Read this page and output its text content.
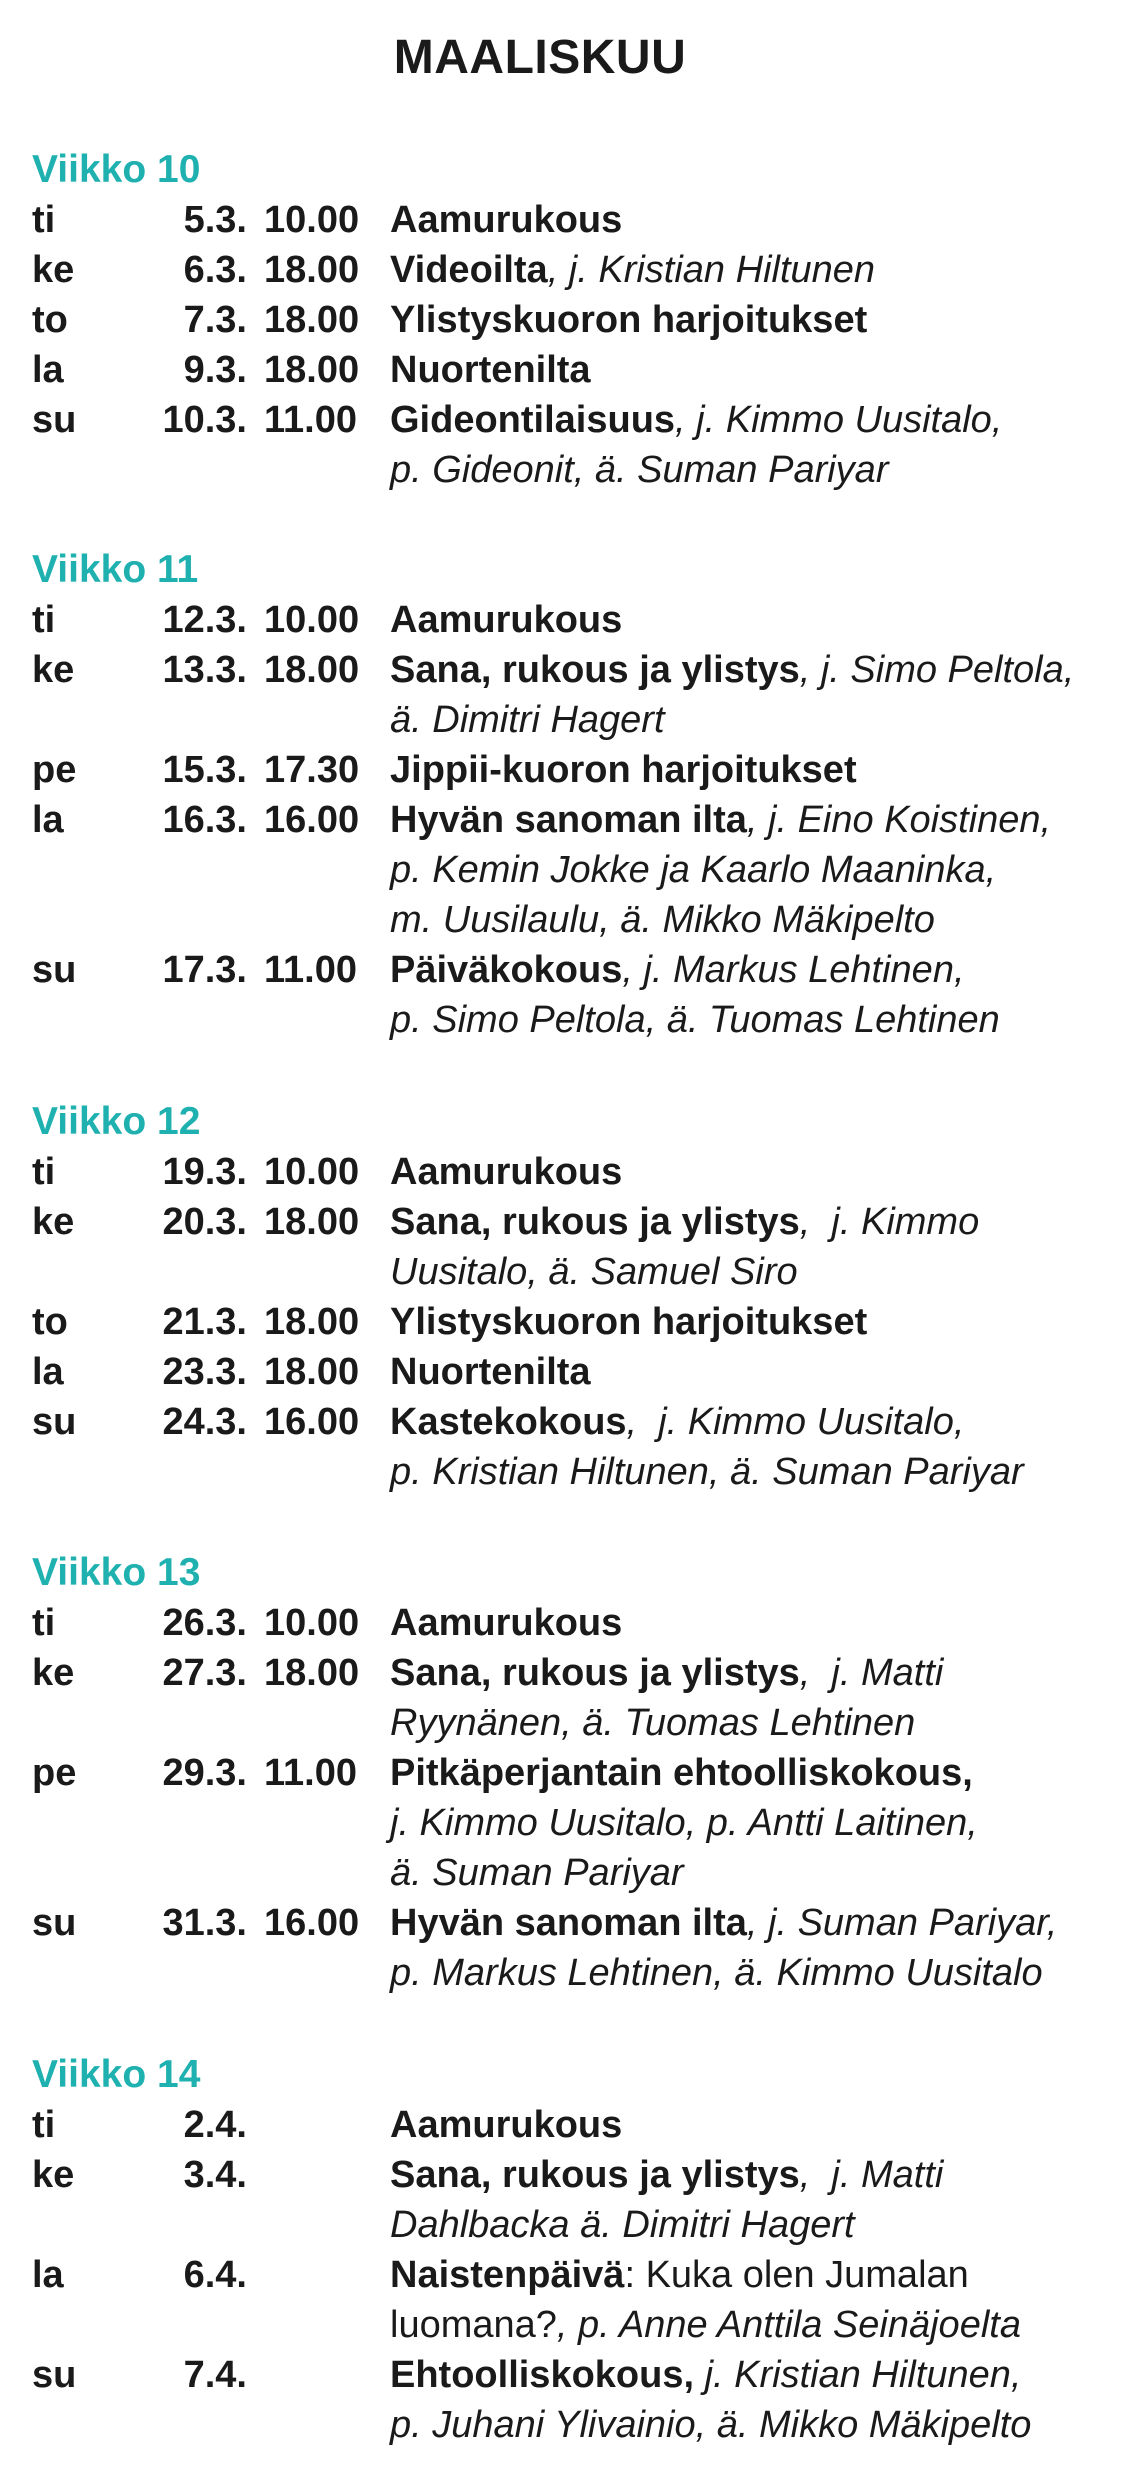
MAALISKUU
Viikko 10
ti	5.3. 10.00 Aamurukous
ke	6.3. 18.00 Videoilta, j. Kristian Hiltunen
to	7.3. 18.00 Ylistyskuoron harjoitukset
la	9.3. 18.00 Nuortenilta
su	10.3. 11.00 Gideontilaisuus, j. Kimmo Uusitalo,
p. Gideonit, ä. Suman Pariyar
Viikko 11
ti	12.3. 10.00 Aamurukous
ke	13.3. 18.00 Sana, rukous ja ylistys, j. Simo Peltola,
ä. Dimitri Hagert
pe	15.3. 17.30 Jippii-kuoron harjoitukset
la	16.3. 16.00 Hyvän sanoman ilta, j. Eino Koistinen,
p. Kemin Jokke ja Kaarlo Maaninka,
m. Uusilaulu, ä. Mikko Mäkipelto
su	17.3. 11.00 Päiväkokous, j. Markus Lehtinen,
p. Simo Peltola, ä. Tuomas Lehtinen
Viikko 12
ti	19.3. 10.00 Aamurukous
ke	20.3. 18.00 Sana, rukous ja ylistys,  j. Kimmo
Uusitalo, ä. Samuel Siro
to	21.3. 18.00 Ylistyskuoron harjoitukset
la	23.3. 18.00 Nuortenilta
su	24.3. 16.00 Kastekokous,  j. Kimmo Uusitalo,
p. Kristian Hiltunen, ä. Suman Pariyar
Viikko 13
ti	26.3. 10.00 Aamurukous
ke	27.3. 18.00 Sana, rukous ja ylistys,  j. Matti
Ryynänen, ä. Tuomas Lehtinen
pe	29.3. 11.00 Pitkäperjantain ehtoolliskokous,
j. Kimmo Uusitalo, p. Antti Laitinen,
ä. Suman Pariyar
su	31.3. 16.00 Hyvän sanoman ilta, j. Suman Pariyar,
p. Markus Lehtinen, ä. Kimmo Uusitalo
Viikko 14
ti	2.4.	Aamurukous
ke	3.4.	Sana, rukous ja ylistys,  j. Matti
Dahlbacka ä. Dimitri Hagert
la	6.4.	Naistenpäivä: Kuka olen Jumalan
luomana?, p. Anne Anttila Seinäjoelta
su	7.4.	Ehtoolliskokous, j. Kristian Hiltunen,
p. Juhani Ylivainio, ä. Mikko Mäkipelto
